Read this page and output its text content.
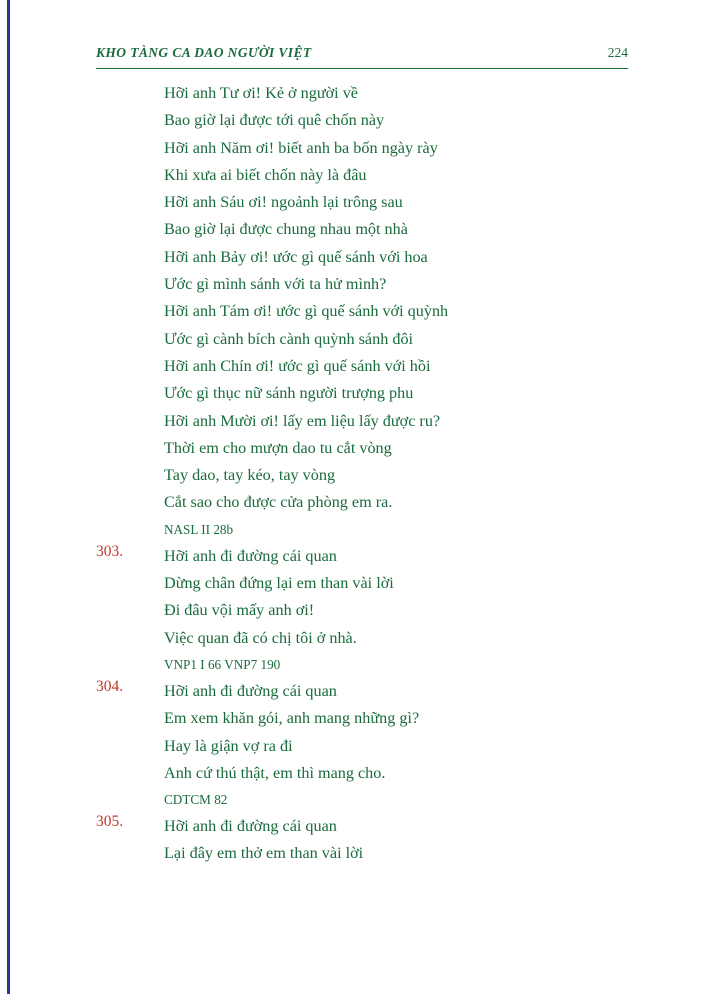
KHO TÀNG CA DAO NGƯỜI VIỆT	224
Hỡi anh Tư ơi! Kẻ ở người về
Bao giờ lại được tới quê chốn này
Hỡi anh Năm ơi! biết anh ba bốn ngày rày
Khi xưa ai biết chốn này là đâu
Hỡi anh Sáu ơi! ngoảnh lại trông sau
Bao giờ lại được chung nhau một nhà
Hỡi anh Bảy ơi! ước gì quế sánh với hoa
Ước gì mình sánh với ta hử mình?
Hỡi anh Tám ơi! ước gì quế sánh với quỳnh
Ước gì cành bích cành quỳnh sánh đôi
Hỡi anh Chín ơi! ước gì quế sánh với hồi
Ước gì thục nữ sánh người trượng phu
Hỡi anh Mười ơi! lấy em liệu lấy được ru?
Thời em cho mượn dao tu cắt vòng
Tay dao, tay kéo, tay vòng
Cắt sao cho được cửa phòng em ra.
NASL II 28b
303.	Hỡi anh đi đường cái quan
Dừng chân đứng lại em than vài lời
Đi đâu vội mấy anh ơi!
Việc quan đã có chị tôi ở nhà.
VNP1 I 66 VNP7 190
304.	Hỡi anh đi đường cái quan
Em xem khăn gói, anh mang những gì?
Hay là giận vợ ra đi
Anh cứ thú thật, em thì mang cho.
CDTCM 82
305.	Hỡi anh đi đường cái quan
Lại đây em thở em than vài lời
